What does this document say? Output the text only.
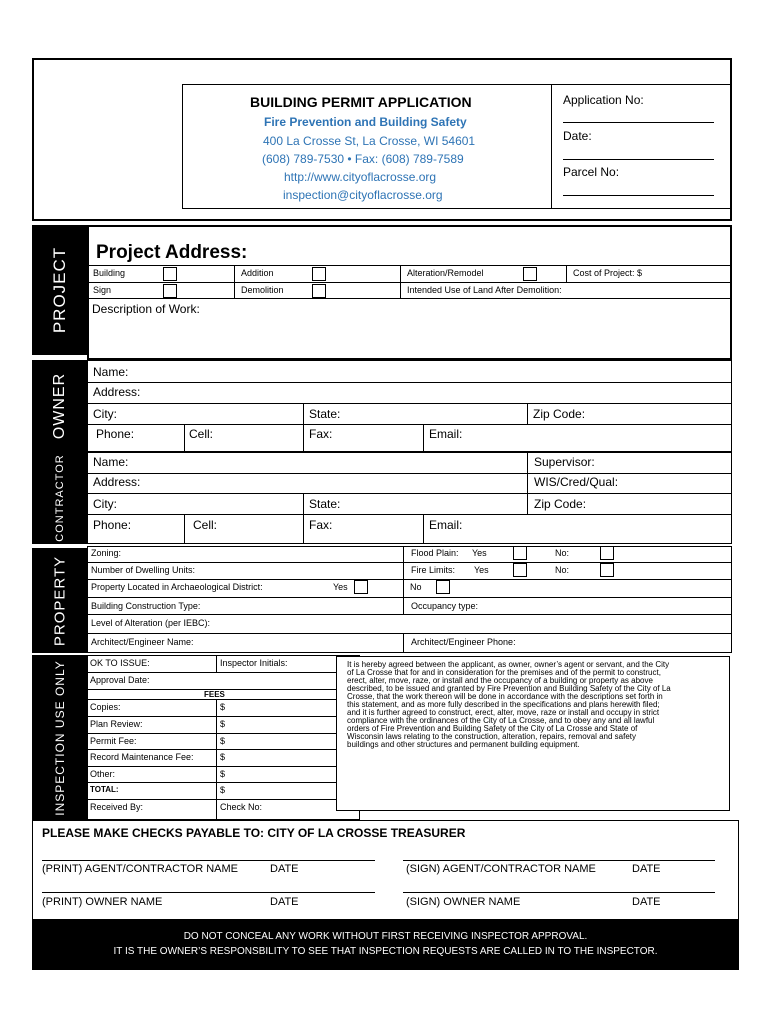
BUILDING PERMIT APPLICATION
Fire Prevention and Building Safety
400 La Crosse St, La Crosse, WI 54601
(608) 789-7530 • Fax: (608) 789-7589
http://www.cityoflacrosse.org
inspection@cityoflacrosse.org
Application No:
Date:
Parcel No:
PROJECT Project Address:
Building	Addition	Alteration/Remodel	Cost of Project: $
Sign	Demolition	Intended Use of Land After Demolition:
Description of Work:
OWNER
Name:
Address:
City:	State:	Zip Code:
Phone:	Cell:	Fax:	Email:
CONTRACTOR Name:	Supervisor:
Address:	WIS/Cred/Qual:
City:	State:	Zip Code:
Phone:	Cell:	Fax:	Email:
PROPERTY
Zoning:	Flood Plain: Yes	No:
Number of Dwelling Units:	Fire Limits: Yes	No:
Property Located in Archaeological District:	Yes	No
Building Construction Type:	Occupancy type:
Level of Alteration (per IEBC):
Architect/Engineer Name:	Architect/Engineer Phone:
INSPECTION USE ONLY	OK TO ISSUE:	Inspector Initials:
Approval Date:
FEES
Copies:	$
Plan Review:	$
Permit Fee:	$
Record Maintenance Fee:	$
Other:	$
TOTAL:	$
Received By:	Check No:
It is hereby agreed between the applicant, as owner, owner’s agent or servant, and the City
of La Crosse that for and in consideration for the premises and of the permit to construct,
erect, alter, move, raze, or install and the occupancy of a building or property as above
described, to be issued and granted by Fire Prevention and Building Safety of the City of La
Crosse, that the work thereon will be done in accordance with the descriptions set forth in
this statement, and as more fully described in the specifications and plans herewith filed;
and it is further agreed to construct, erect, alter, move, raze or install and occupy in strict
compliance with the ordinances of the City of La Crosse, and to obey any and all lawful
orders of Fire Prevention and Building Safety of the City of La Crosse and State of
Wisconsin laws relating to the construction, alteration, repairs, removal and safety
buildings and other structures and permanent building equipment.
PLEASE MAKE CHECKS PAYABLE TO: CITY OF LA CROSSE TREASURER
(PRINT) AGENT/CONTRACTOR NAME	DATE	(SIGN) AGENT/CONTRACTOR NAME	DATE
(PRINT) OWNER NAME	DATE	(SIGN) OWNER NAME	DATE
DO NOT CONCEAL ANY WORK WITHOUT FIRST RECEIVING INSPECTOR APPROVAL.
IT IS THE OWNER’S RESPONSBILITY TO SEE THAT INSPECTION REQUESTS ARE CALLED IN TO THE INSPECTOR.
